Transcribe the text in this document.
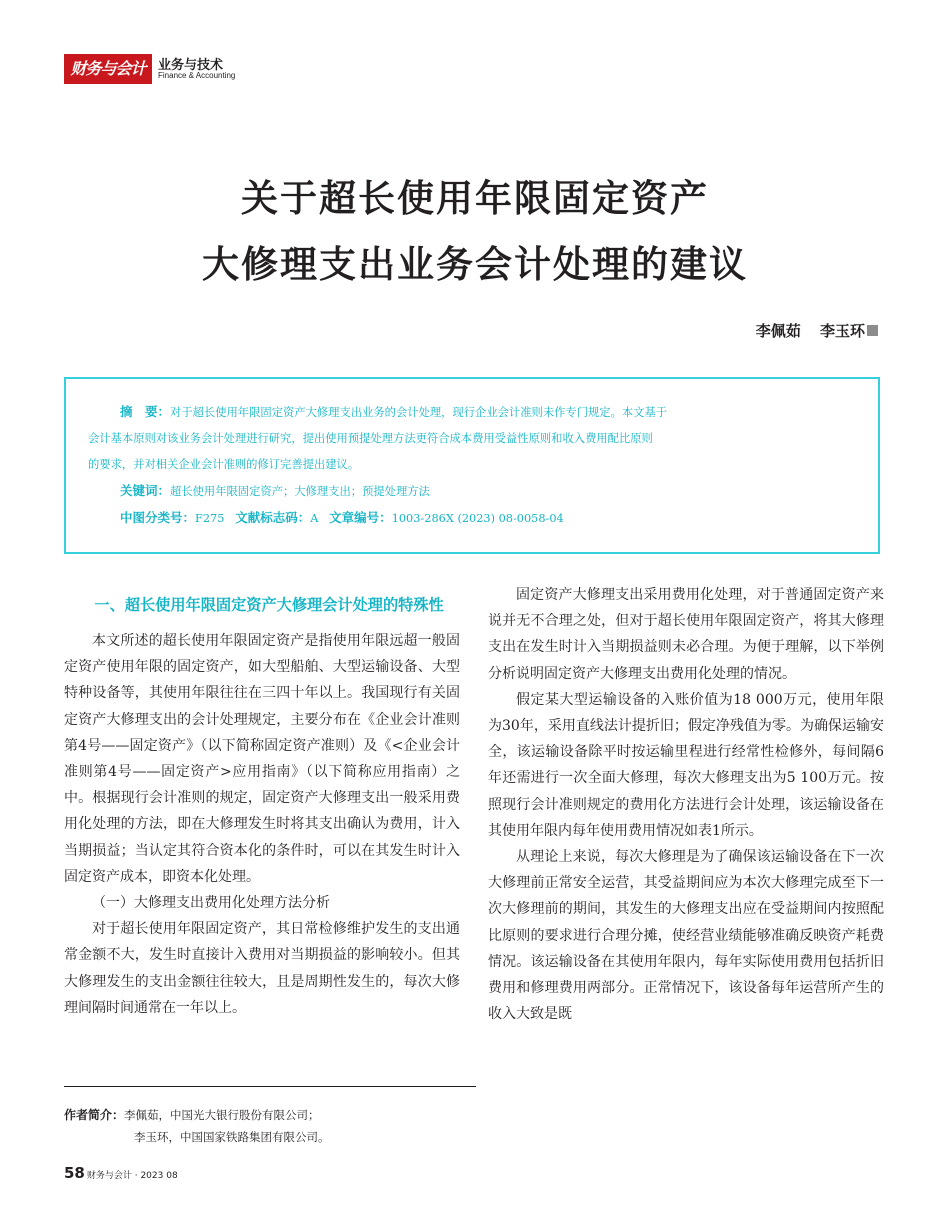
财务与会计 业务与技术
Finance & Accounting
关于超长使用年限固定资产
大修理支出业务会计处理的建议
李佩茹 李玉环
摘　要：对于超长使用年限固定资产大修理支出业务的会计处理，现行企业会计准则未作专门规定。本文基于
会计基本原则对该业务会计处理进行研究，提出使用预提处理方法更符合成本费用受益性原则和收入费用配比原则
的要求，并对相关企业会计准则的修订完善提出建议。
关键词：超长使用年限固定资产；大修理支出；预提处理方法
中图分类号：F275 文献标志码：A 文章编号：1003-286X (2023) 08-0058-04
一、超长使用年限固定资产大修理会计处理的特殊性

本文所述的超长使用年限固定资产是指使用年限远超一般固定资产使用年限的固定资产，如大型船舶、大型运输设备、大型特种设备等，其使用年限往往在三四十年以上。我国现行有关固定资产大修理支出的会计处理规定，主要分布在《企业会计准则第4号——固定资产》（以下简称固定资产准则）及《<企业会计准则第4号——固定资产>应用指南》（以下简称应用指南）之中。根据现行会计准则的规定，固定资产大修理支出一般采用费用化处理的方法，即在大修理发生时将其支出确认为费用，计入当期损益；当认定其符合资本化的条件时，可以在其发生时计入固定资产成本，即资本化处理。

（一）大修理支出费用化处理方法分析

对于超长使用年限固定资产，其日常检修维护发生的支出通常金额不大，发生时直接计入费用对当期损益的影响较小。但其大修理发生的支出金额往往较大，且是周期性发生的，每次大修理间隔时间通常在一年以上。

固定资产大修理支出采用费用化处理，对于普通固定资产来说并无不合理之处，但对于超长使用年限固定资产，将其大修理支出在发生时计入当期损益则未必合理。为便于理解，以下举例分析说明固定资产大修理支出费用化处理的情况。

假定某大型运输设备的入账价值为18 000万元，使用年限为30年，采用直线法计提折旧；假定净残值为零。为确保运输安全，该运输设备除平时按运输里程进行经常性检修外，每间隔6年还需进行一次全面大修理，每次大修理支出为5 100万元。按照现行会计准则规定的费用化方法进行会计处理，该运输设备在其使用年限内每年使用费用情况如表1所示。

从理论上来说，每次大修理是为了确保该运输设备在下一次大修理前正常安全运营，其受益期间应为本次大修理完成至下一次大修理前的期间，其发生的大修理支出应在受益期间内按照配比原则的要求进行合理分摊，使经营业绩能够准确反映资产耗费情况。该运输设备在其使用年限内，每年实际使用费用包括折旧费用和修理费用两部分。正常情况下，该设备每年运营所产生的收入大致是既

作者简介：李佩茹，中国光大银行股份有限公司；
李玉环，中国国家铁路集团有限公司。
58 财务与会计 · 2023 08
